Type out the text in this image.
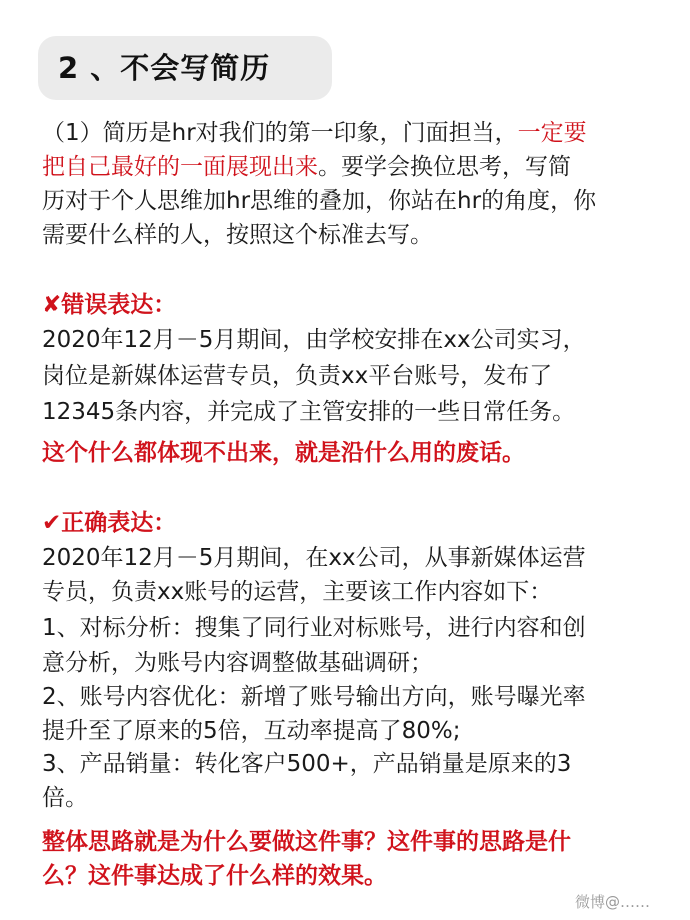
2 、不会写简历
（1）简历是hr对我们的第一印象，门面担当，一定要
把自己最好的一面展现出来。要学会换位思考，写简
历对于个人思维加hr思维的叠加，你站在hr的角度，你
需要什么样的人，按照这个标准去写。
✘错误表达：
2020年12月－5月期间，由学校安排在xx公司实习，
岗位是新媒体运营专员，负责xx平台账号，发布了
12345条内容，并完成了主管安排的一些日常任务。
这个什么都体现不出来，就是沿什么用的废话。
✔正确表达：
2020年12月－5月期间，在xx公司，从事新媒体运营
专员，负责xx账号的运营，主要该工作内容如下：
1、对标分析：搜集了同行业对标账号，进行内容和创
意分析，为账号内容调整做基础调研；
2、账号内容优化：新增了账号输出方向，账号曝光率
提升至了原来的5倍，互动率提高了80%;
3、产品销量：转化客户500+，产品销量是原来的3
倍。
整体思路就是为什么要做这件事？这件事的思路是什
么？这件事达成了什么样的效果。
微博@……
